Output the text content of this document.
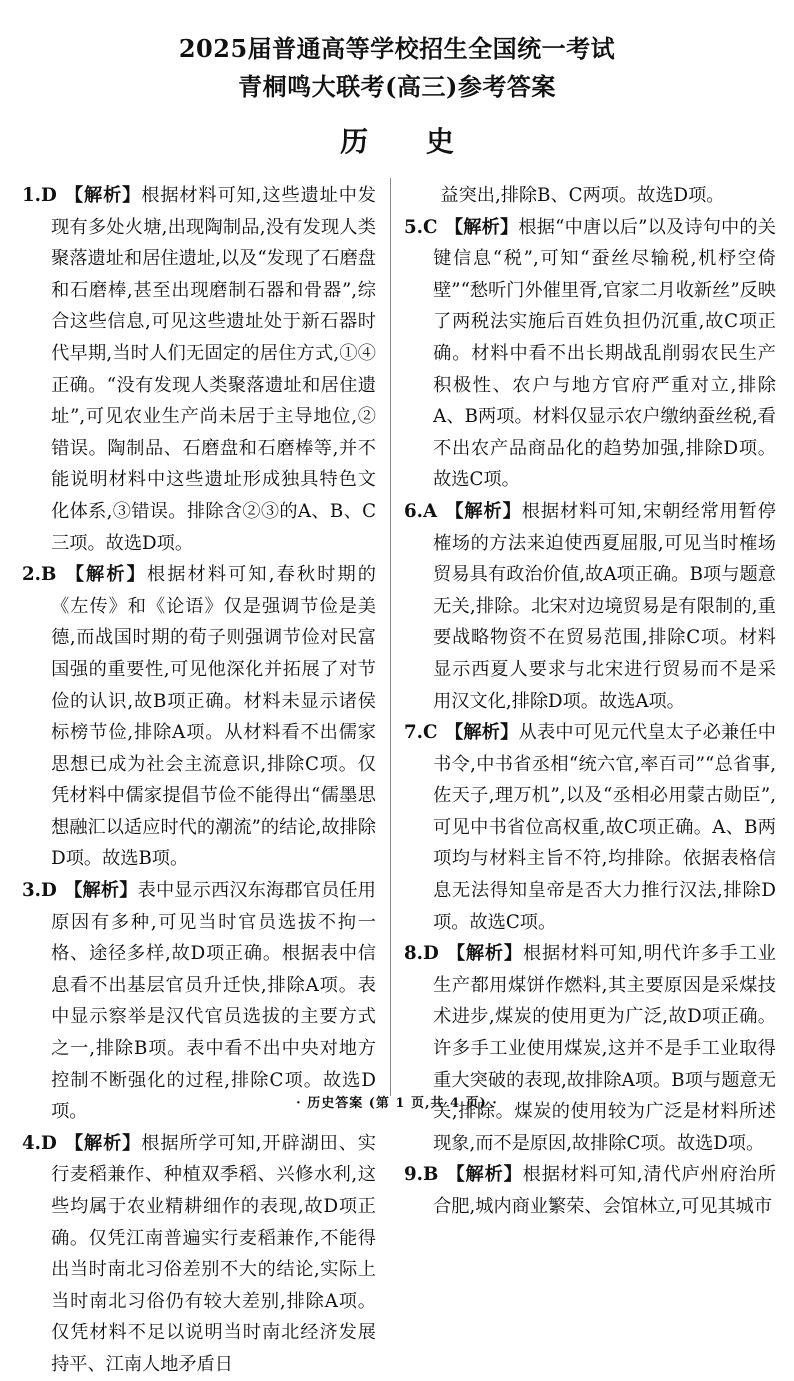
2025届普通高等学校招生全国统一考试
青桐鸣大联考(高三)参考答案
历 史

1.D 【解析】根据材料可知,这些遗址中发现有多处火塘,出现陶制品,没有发现人类聚落遗址和居住遗址,以及“发现了石磨盘和石磨棒,甚至出现磨制石器和骨器”,综合这些信息,可见这些遗址处于新石器时代早期,当时人们无固定的居住方式,①④正确。“没有发现人类聚落遗址和居住遗址”,可见农业生产尚未居于主导地位,②错误。陶制品、石磨盘和石磨棒等,并不能说明材料中这些遗址形成独具特色文化体系,③错误。排除含②③的A、B、C三项。故选D项。

2.B 【解析】根据材料可知,春秋时期的《左传》和《论语》仅是强调节俭是美德,而战国时期的荀子则强调节俭对民富国强的重要性,可见他深化并拓展了对节俭的认识,故B项正确。材料未显示诸侯标榜节俭,排除A项。从材料看不出儒家思想已成为社会主流意识,排除C项。仅凭材料中儒家提倡节俭不能得出“儒墨思想融汇以适应时代的潮流”的结论,故排除D项。故选B项。

3.D 【解析】表中显示西汉东海郡官员任用原因有多种,可见当时官员选拔不拘一格、途径多样,故D项正确。根据表中信息看不出基层官员升迁快,排除A项。表中显示察举是汉代官员选拔的主要方式之一,排除B项。表中看不出中央对地方控制不断强化的过程,排除C项。故选D项。

4.D 【解析】根据所学可知,开辟湖田、实行麦稻兼作、种植双季稻、兴修水利,这些均属于农业精耕细作的表现,故D项正确。仅凭江南普遍实行麦稻兼作,不能得出当时南北习俗差别不大的结论,实际上当时南北习俗仍有较大差别,排除A项。仅凭材料不足以说明当时南北经济发展持平、江南人地矛盾日

益突出,排除B、C两项。故选D项。

5.C 【解析】根据“中唐以后”以及诗句中的关键信息“税”,可知“蚕丝尽输税,机杼空倚壁”“愁听门外催里胥,官家二月收新丝”反映了两税法实施后百姓负担仍沉重,故C项正确。材料中看不出长期战乱削弱农民生产积极性、农户与地方官府严重对立,排除A、B两项。材料仅显示农户缴纳蚕丝税,看不出农产品商品化的趋势加强,排除D项。故选C项。

6.A 【解析】根据材料可知,宋朝经常用暂停榷场的方法来迫使西夏屈服,可见当时榷场贸易具有政治价值,故A项正确。B项与题意无关,排除。北宋对边境贸易是有限制的,重要战略物资不在贸易范围,排除C项。材料显示西夏人要求与北宋进行贸易而不是采用汉文化,排除D项。故选A项。

7.C 【解析】从表中可见元代皇太子必兼任中书令,中书省丞相“统六官,率百司”“总省事,佐天子,理万机”,以及“丞相必用蒙古勋臣”,可见中书省位高权重,故C项正确。A、B两项均与材料主旨不符,均排除。依据表格信息无法得知皇帝是否大力推行汉法,排除D项。故选C项。

8.D 【解析】根据材料可知,明代许多手工业生产都用煤饼作燃料,其主要原因是采煤技术进步,煤炭的使用更为广泛,故D项正确。许多手工业使用煤炭,这并不是手工业取得重大突破的表现,故排除A项。B项与题意无关,排除。煤炭的使用较为广泛是材料所述现象,而不是原因,故排除C项。故选D项。

9.B 【解析】根据材料可知,清代庐州府治所合肥,城内商业繁荣、会馆林立,可见其城市

· 历史答案 (第 1 页,共 4 页) ·
